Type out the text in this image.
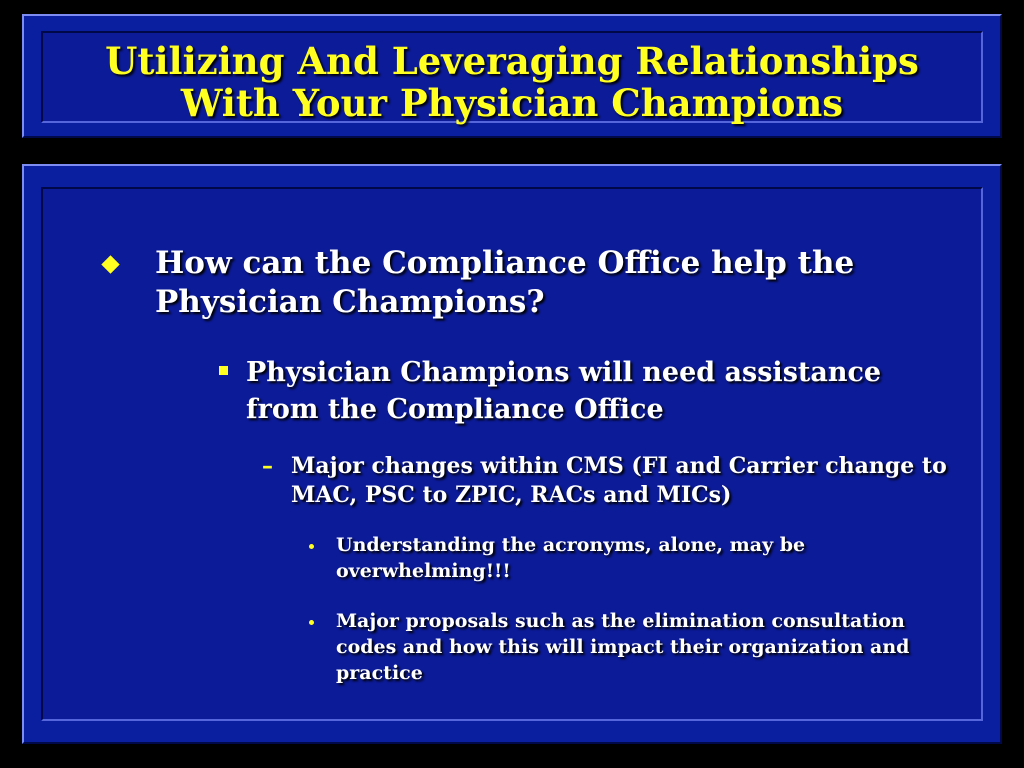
Utilizing And Leveraging Relationships
With Your Physician Champions
How can the Compliance Office help the Physician Champions?
Physician Champions will need assistance from the Compliance Office
– Major changes within CMS (FI and Carrier change to MAC, PSC to ZPIC, RACs and MICs)
Understanding the acronyms, alone, may be overwhelming!!!
Major proposals such as the elimination consultation codes and how this will impact their organization and practice
